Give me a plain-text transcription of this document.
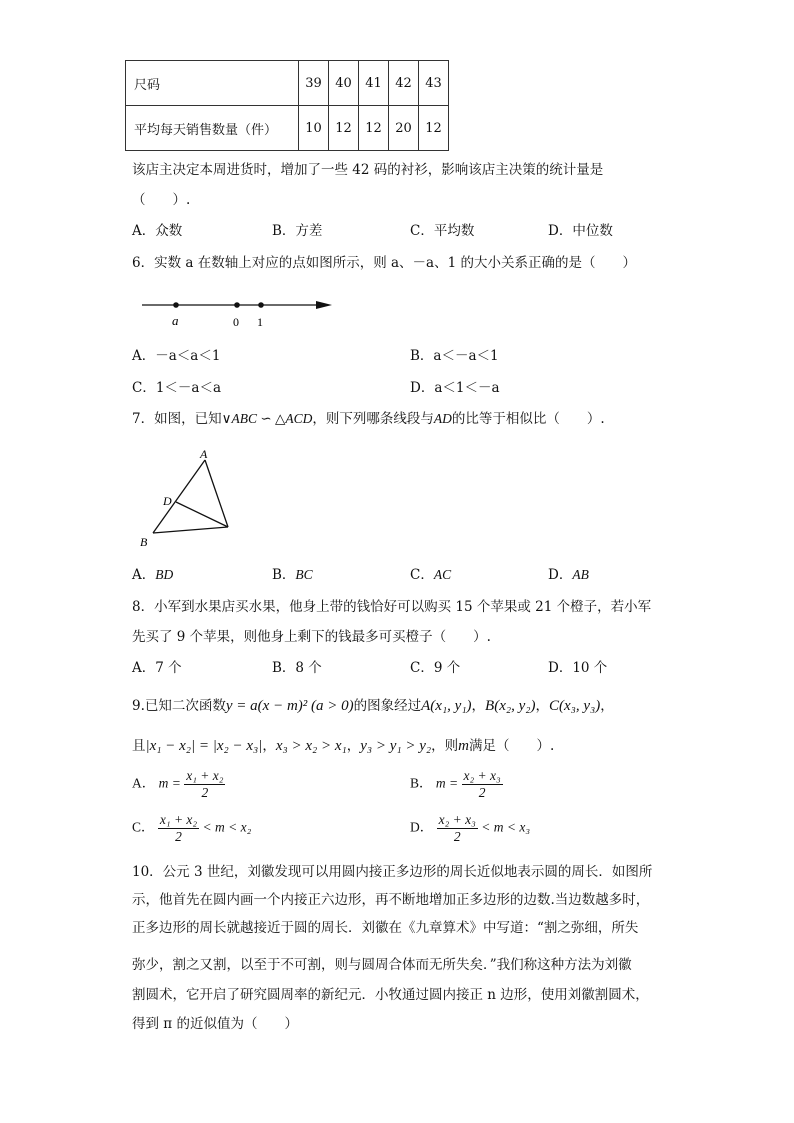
尺码	39	40	41	42	43
平均每天销售数量（件）	10	12	12	20	12
该店主决定本周进货时，增加了一些 42 码的衬衫，影响该店主决策的统计量是
（　　）.
A．众数	B．方差	C．平均数	D．中位数
6．实数 a 在数轴上对应的点如图所示，则 a、－a、1 的大小关系正确的是（　　）
a	0 1
A．－a＜a＜1	B．a＜－a＜1
C．1＜－a＜a	D．a＜1＜－a
7．如图，已知∨ABC ∽ △ACD，则下列哪条线段与AD的比等于相似比（　　）.
A
D
B
A．BD	B．BC	C．AC	D．AB
8．小军到水果店买水果，他身上带的钱恰好可以购买 15 个苹果或 21 个橙子，若小军
先买了 9 个苹果，则他身上剩下的钱最多可买橙子（　　）.
A．7 个	B．8 个	C．9 个	D．10 个
9.已知二次函数y = a(x − m)² (a > 0)的图象经过A(x₁, y₁)，B(x₂, y₂)，C(x₃, y₃)，
且|x₁ − x₂| = |x₂ − x₃|，x₃ > x₂ > x₁，y₃ > y₁ > y₂，则m满足（　　）.
A． $m = \frac{\text{x₁ + x₂}}{2}$	B． $m = \frac{\text{x₂ + x₃}}{2}$
C． $\frac{\text{x₁ + x₂}}{2} < m < x_2$	D． $\frac{\text{x₂ + x₃}}{2} < m < x_3$
10．公元 3 世纪，刘徽发现可以用圆内接正多边形的周长近似地表示圆的周长．如图所
示，他首先在圆内画一个内接正六边形，再不断地增加正多边形的边数.当边数越多时，
正多边形的周长就越接近于圆的周长．刘徽在《九章算术》中写道：“割之弥细，所失
弥少，割之又割，以至于不可割，则与圆周合体而无所失矣．”我们称这种方法为刘徽
割圆术，它开启了研究圆周率的新纪元．小牧通过圆内接正 n 边形，使用刘徽割圆术，
得到 π 的近似值为（　　）
